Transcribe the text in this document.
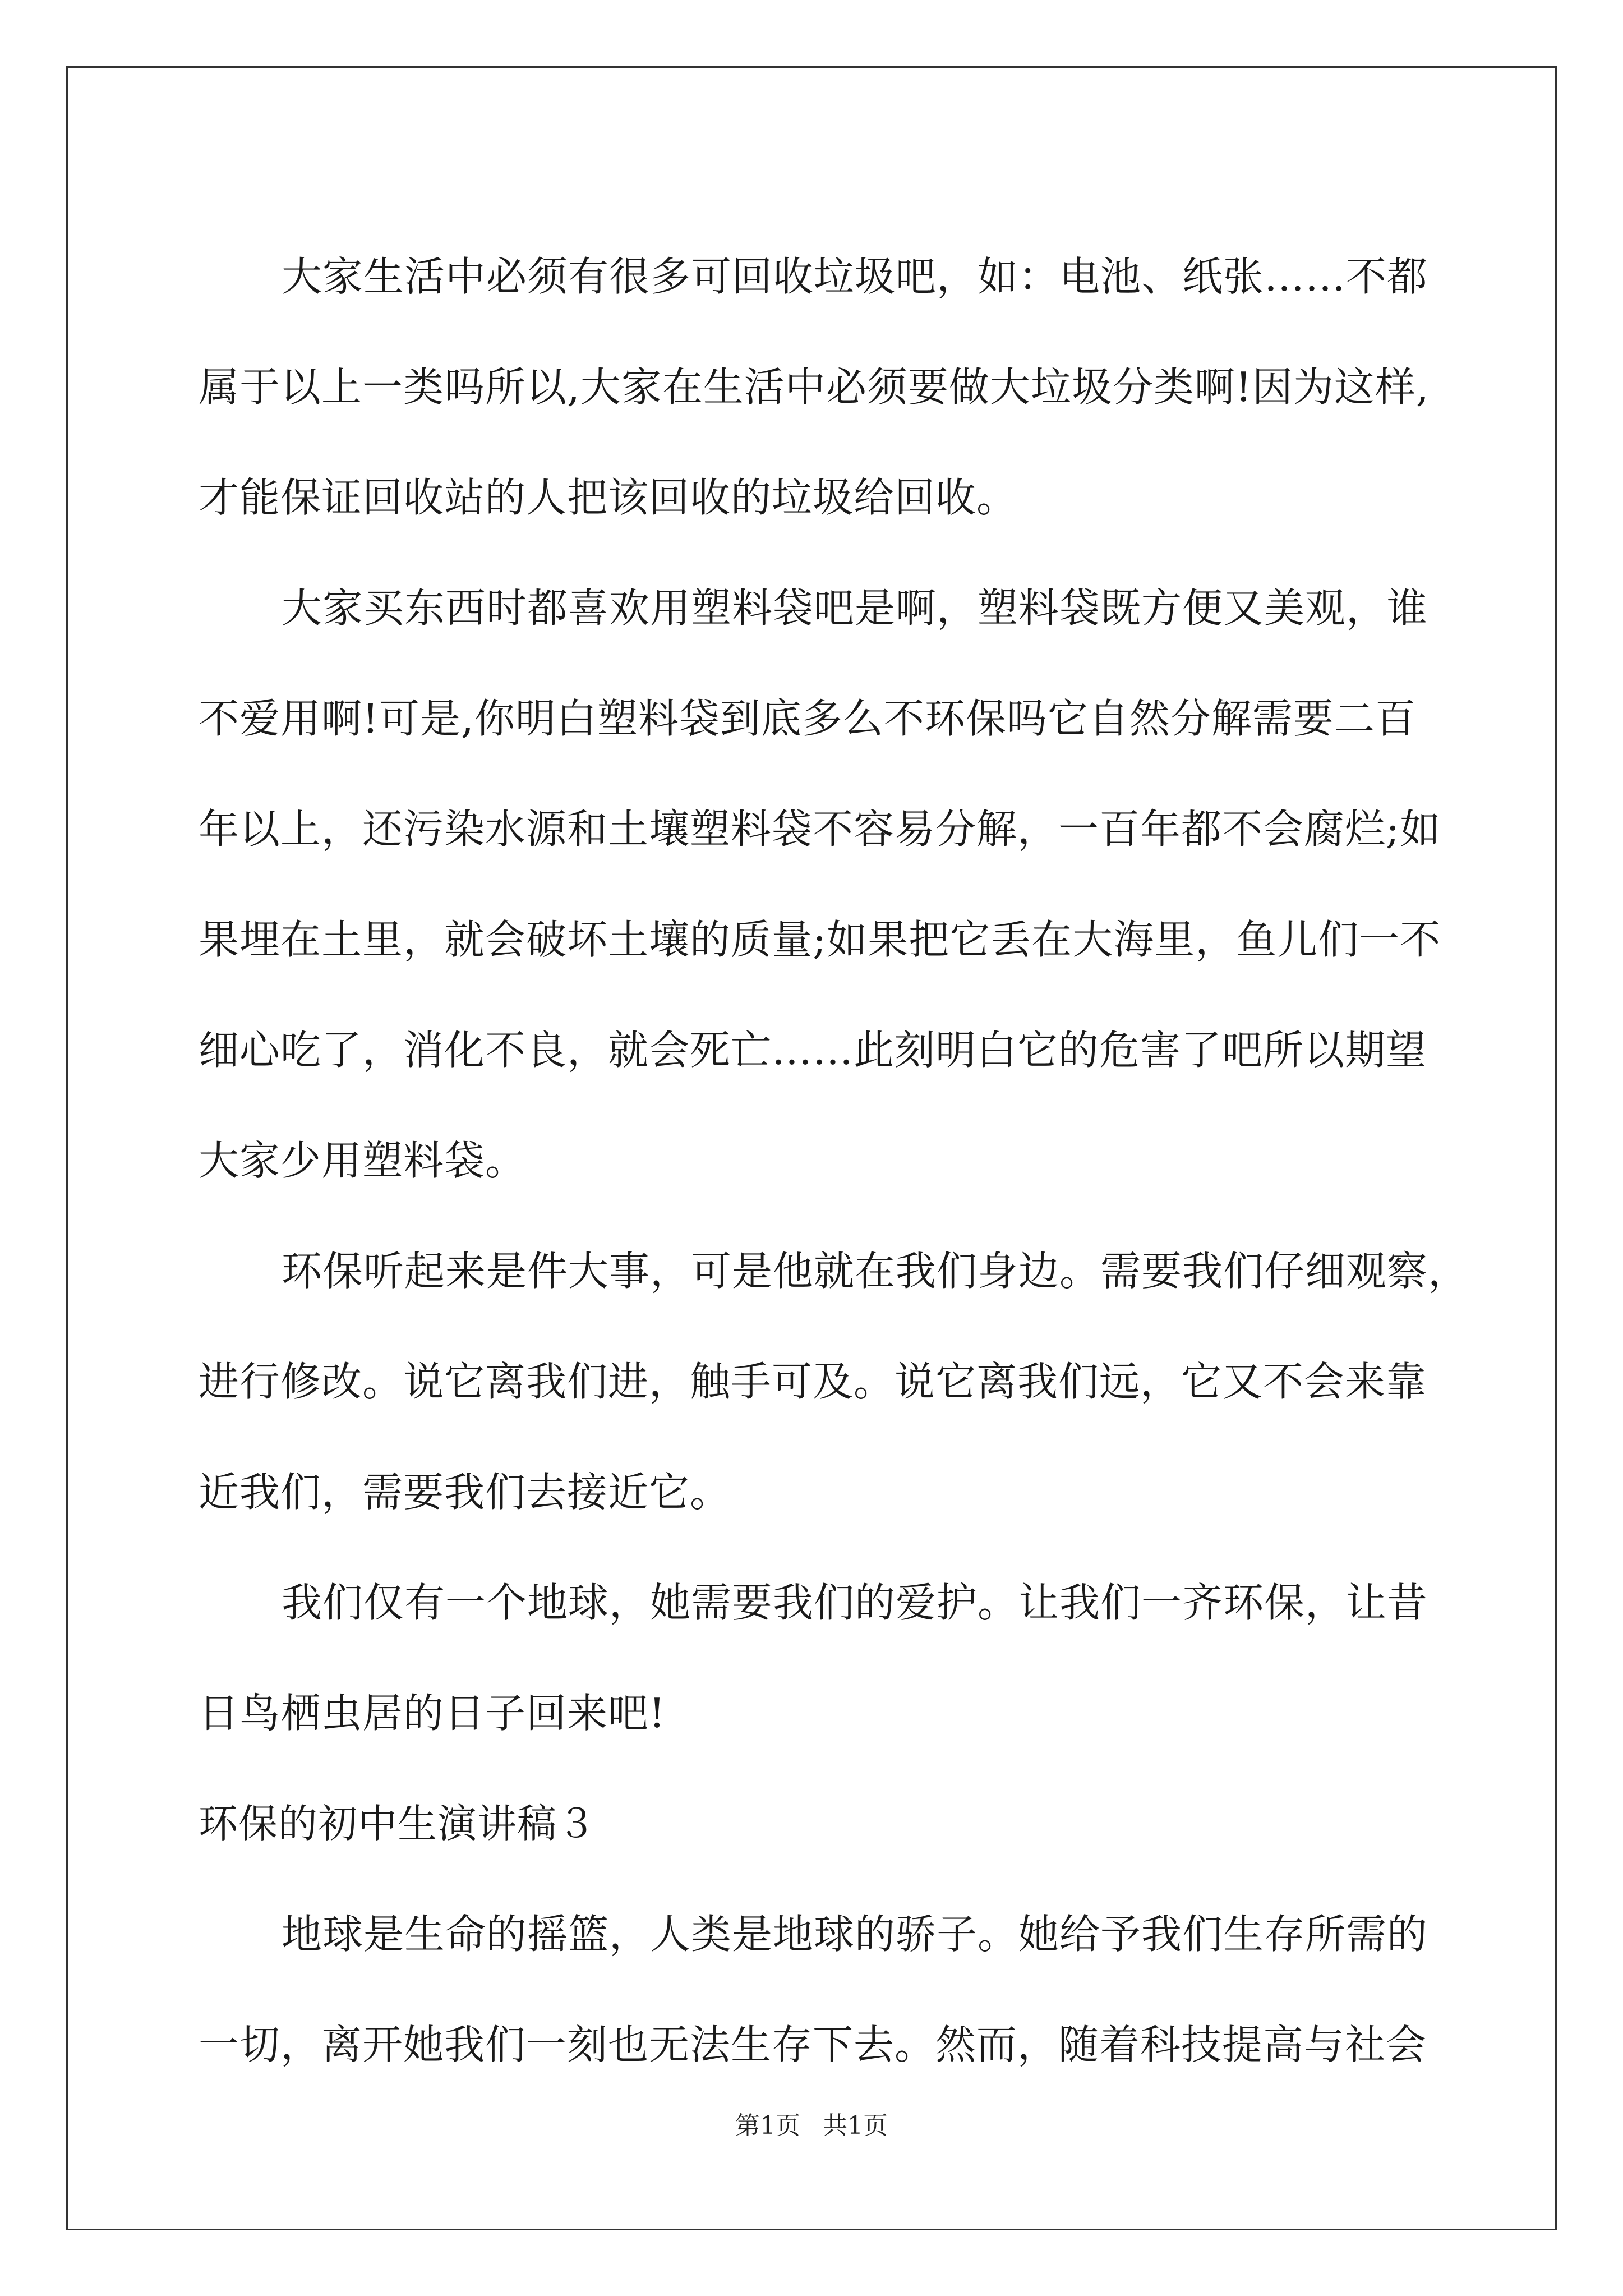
大家生活中必须有很多可回收垃圾吧，如：电池、纸张……不都
属于以上一类吗所以,大家在生活中必须要做大垃圾分类啊!因为这样,
才能保证回收站的人把该回收的垃圾给回收。
大家买东西时都喜欢用塑料袋吧是啊，塑料袋既方便又美观，谁
不爱用啊!可是,你明白塑料袋到底多么不环保吗它自然分解需要二百
年以上，还污染水源和土壤塑料袋不容易分解，一百年都不会腐烂;如
果埋在土里，就会破坏土壤的质量;如果把它丢在大海里，鱼儿们一不
细心吃了，消化不良，就会死亡……此刻明白它的危害了吧所以期望
大家少用塑料袋。
环保听起来是件大事，可是他就在我们身边。需要我们仔细观察，
进行修改。说它离我们进，触手可及。说它离我们远，它又不会来靠
近我们，需要我们去接近它。
我们仅有一个地球，她需要我们的爱护。让我们一齐环保，让昔
日鸟栖虫居的日子回来吧!
环保的初中生演讲稿３
地球是生命的摇篮，人类是地球的骄子。她给予我们生存所需的
一切，离开她我们一刻也无法生存下去。然而，随着科技提高与社会
第1页 共1页
